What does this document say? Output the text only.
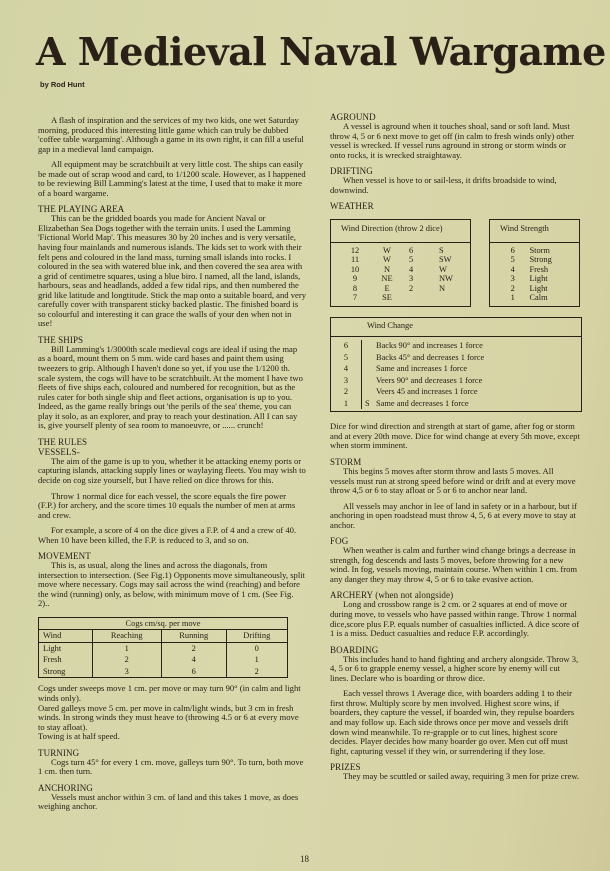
A Medieval Naval Wargame
by Rod Hunt

A flash of inspiration and the services of my two kids, one wet Saturday morning, produced this interesting little game which can truly be dubbed 'coffee table wargaming'. Although a game in its own right, it can fill a useful gap in a medieval land campaign.

All equipment may be scratchbuilt at very little cost. The ships can easily be made out of scrap wood and card, to 1/1200 scale. However, as I happened to be reviewing Bill Lamming's latest at the time, I used that to make it more of a board wargame.

THE PLAYING AREA

This can be the gridded boards you made for Ancient Naval or Elizabethan Sea Dogs together with the terrain units. I used the Lamming 'Fictional World Map'. This measures 30 by 20 inches and is very versatile, having four mainlands and numerous islands. The kids set to work with their felt pens and coloured in the land mass, turning small islands into rocks. I coloured in the sea with watered blue ink, and then covered the sea area with a grid of centimetre squares, using a blue biro. I named, all the land, islands, harbours, seas and headlands, added a few tidal rips, and then numbered the grid like latitude and longtitude. Stick the map onto a suitable board, and very carefully cover with transparent sticky backed plastic. The finished board is so colourful and interesting it can grace the walls of your den when not in use!

THE SHIPS

Bill Lamming's 1/3000th scale medieval cogs are ideal if using the map as a board, mount them on 5 mm. wide card bases and paint them using tweezers to grip. Although I haven't done so yet, if you use the 1/1200 th. scale system, the cogs will have to be scratchbuilt. At the moment I have two fleets of five ships each, coloured and numbered for recognition, but as the rules cater for both single ship and fleet actions, organisation is up to you. Indeed, as the game really brings out 'the perils of the sea' theme, you can play it solo, as an explorer, and pray to reach your destination. All I can say is, give yourself plenty of sea room to manoeuvre, or ...... crunch!

THE RULES
VESSELS-

The aim of the game is up to you, whether it be attacking enemy ports or capturing islands, attacking supply lines or waylaying fleets. You may wish to decide on cog size yourself, but I have relied on dice throws for this.

Throw 1 normal dice for each vessel, the score equals the fire power (F.P.) for archery, and the score times 10 equals the number of men at arms and crew.

For example, a score of 4 on the dice gives a F.P. of 4 and a crew of 40. When 10 have been killed, the F.P. is reduced to 3, and so on.

MOVEMENT

This is, as usual, along the lines and across the diagonals, from intersection to intersection. (See Fig.1) Opponents move simultaneously, split move where necessary. Cogs may sail across the wind (reaching) and before the wind (running) only, as below, with minimum move of 1 cm. (See Fig. 2)..

Cogs cm/sq. per move			
Wind	Reaching	Running	Drifting
Light	1	2	0
Fresh	2	4	1
Strong	3	6	2

Cogs under sweeps move 1 cm. per move or may turn 90° (in calm and light winds only).

Oared galleys move 5 cm. per move in calm/light winds, but 3 cm in fresh winds. In strong winds they must heave to (throwing 4.5 or 6 at every move to stay afloat).

Towing is at half speed.

TURNING

Cogs turn 45° for every 1 cm. move, galleys turn 90°. To turn, both move 1 cm. then turn.

ANCHORING

Vessels must anchor within 3 cm. of land and this takes 1 move, as does weighing anchor.

AGROUND

A vessel is aground when it touches shoal, sand or soft land. Must throw 4, 5 or 6 next move to get off (in calm to fresh winds only) other vessel is wrecked. If vessel runs aground in strong or storm winds or onto rocks, it is wrecked straightaway.

DRIFTING

When vessel is hove to or sail-less, it drifts broadside to wind, downwind.

WEATHER
Wind Direction (throw 2 dice)
12	W	6	S
11	W	5	SW
10	N	4	W
9	NE	3	NW
8	E	2	N
7	SE		
Wind Strength
6	Storm
5	Strong
4	Fresh
3	Light
2	Light
1	Calm
Wind Change
6		Backs 90° and increases 1 force
5		Backs 45° and decreases 1 force
4		Same and increases 1 force
3		Veers 90° and decreases 1 force
2		Veers 45 and increases 1 force
1	S	Same and decreases 1 force

Dice for wind direction and strength at start of game, after fog or storm and at every 20th move. Dice for wind change at every 5th move, except when storm imminent.

STORM

This begins 5 moves after storm throw and lasts 5 moves. All vessels must run at strong speed before wind or drift and at every move throw 4,5 or 6 to stay afloat or 5 or 6 to anchor near land.

All vessels may anchor in lee of land in safety or in a harbour, but if anchoring in open roadstead must throw 4, 5, 6 at every move to stay at anchor.

FOG

When weather is calm and further wind change brings a decrease in strength, fog descends and lasts 5 moves, before throwing for a new wind. In fog, vessels moving, maintain course. When within 1 cm. from any danger they may throw 4, 5 or 6 to take evasive action.

ARCHERY (when not alongside)

Long and crossbow range is 2 cm. or 2 squares at end of move or during move, to vessels who have passed within range. Throw 1 normal dice,score plus F.P. equals number of casualties inflicted. A dice score of 1 is a miss. Deduct casualties and reduce F.P. accordingly.

BOARDING

This includes hand to hand fighting and archery alongside. Throw 3, 4, 5 or 6 to grapple enemy vessel, a higher score by enemy will cut lines. Declare who is boarding or throw dice.

Each vessel throws 1 Average dice, with boarders adding 1 to their first throw. Multiply score by men involved. Highest score wins, if boarders, they capture the vessel, if boarded win, they repulse boarders and may follow up. Each side throws once per move and vessels drift down wind meanwhile. To re-grapple or to cut lines, highest score decides. Player decides how many boarder go over. Men cut off must fight, capturing vessel if they win, or surrendering if they lose.

PRIZES

They may be scuttled or sailed away, requiring 3 men for prize crew.

18
